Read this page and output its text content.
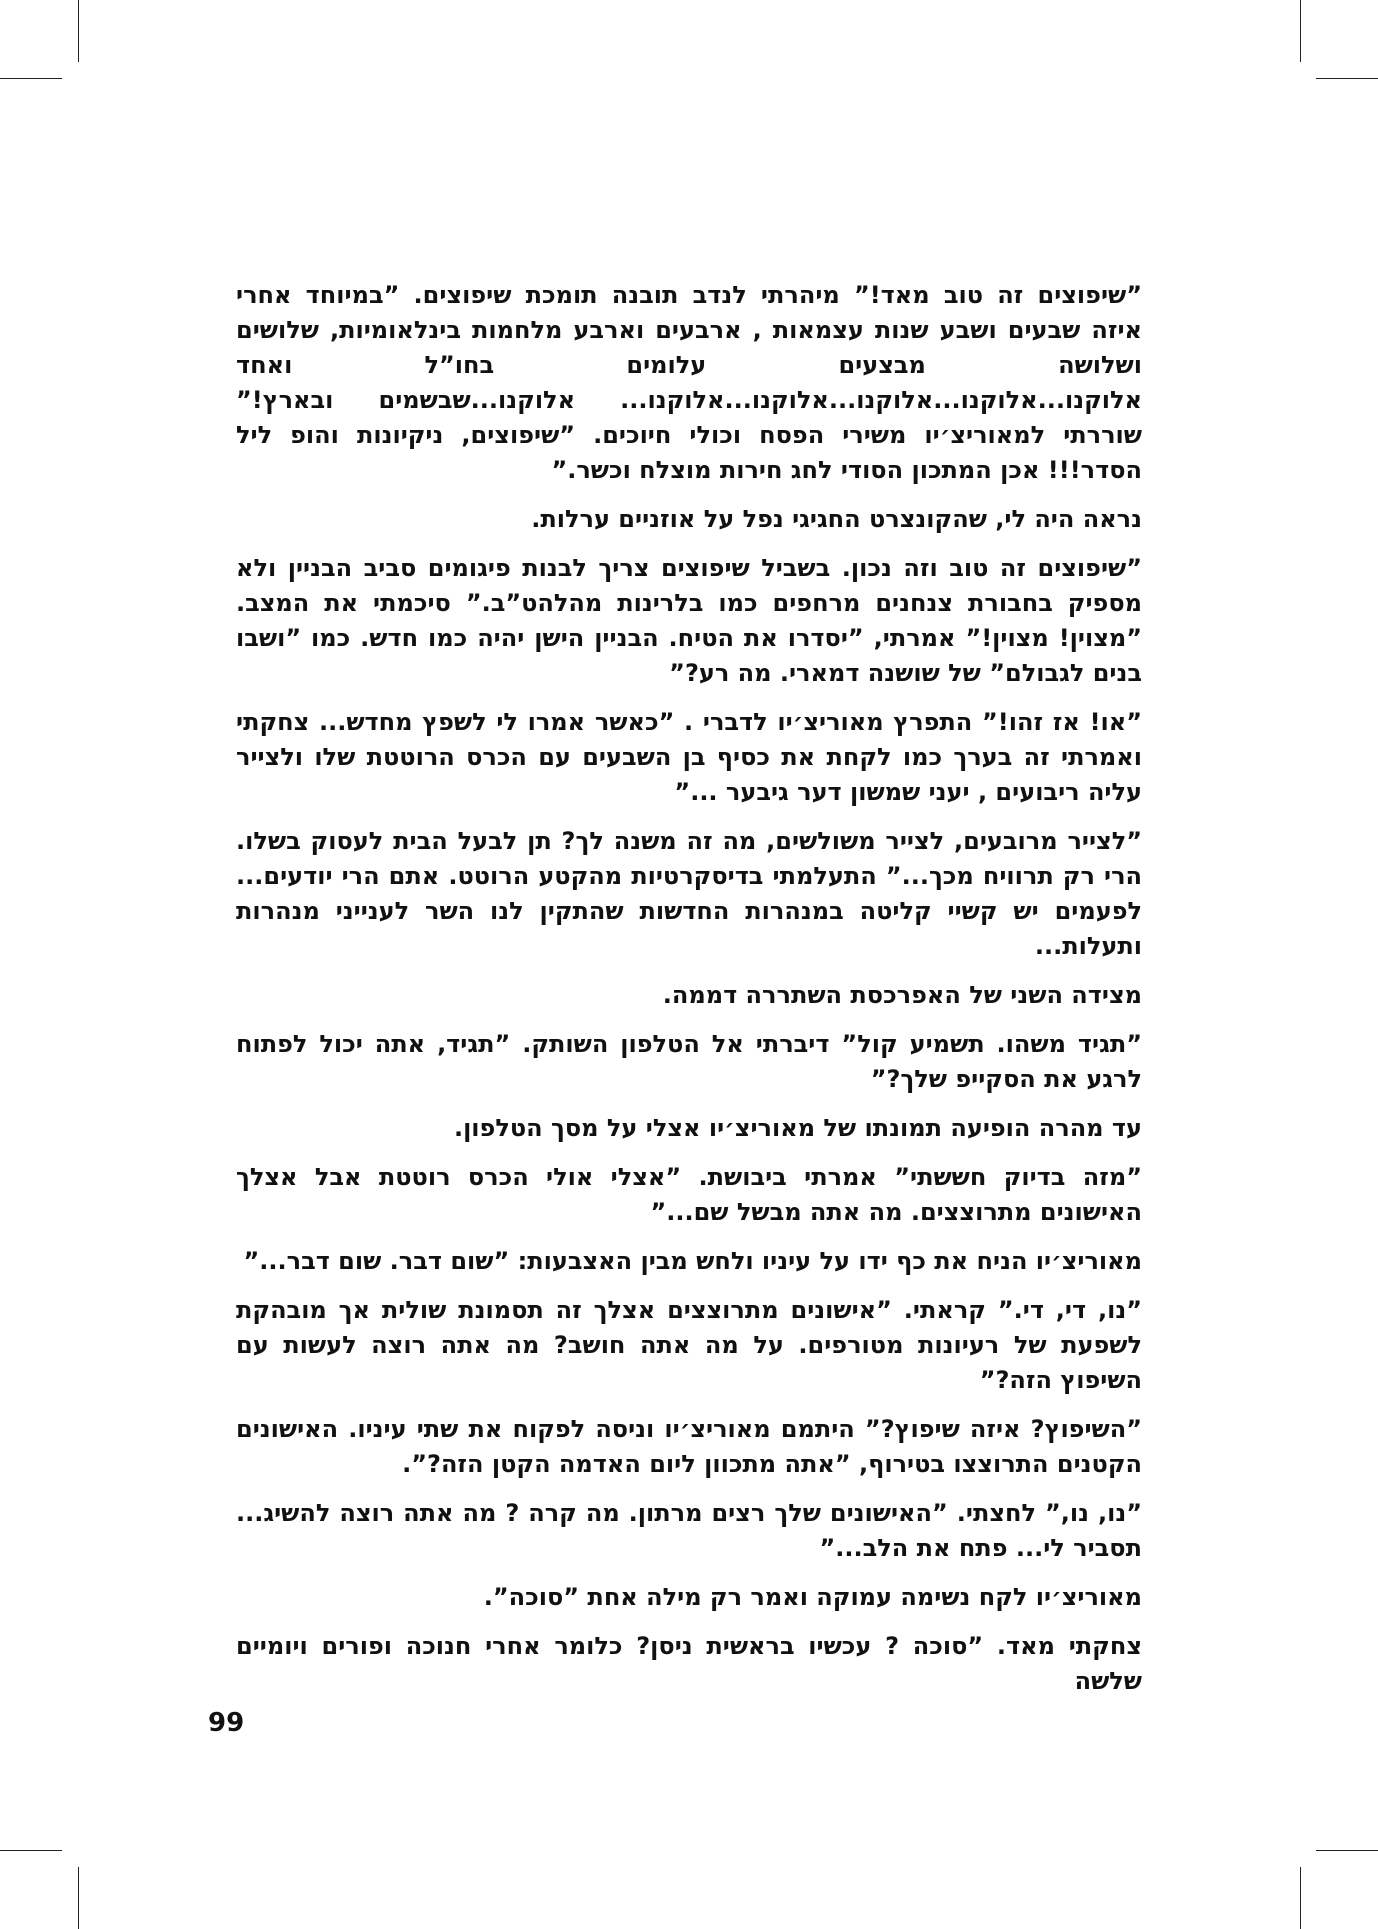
”שיפוצים זה טוב מאד!” מיהרתי לנדב תובנה תומכת שיפוצים. ”במיוחד אחרי איזה שבעים ושבע שנות עצמאות , ארבעים וארבע מלחמות בינלאומיות, שלושים ושלושה מבצעים עלומים בחו”ל ואחד אלוקנו...אלוקנו...אלוקנו...אלוקנו...אלוקנו... אלוקנו...שבשמים ובארץ!” שוררתי למאוריצ׳יו משירי הפסח וכולי חיוכים. ”שיפוצים, ניקיונות והופ ליל הסדר!!! אכן המתכון הסודי לחג חירות מוצלח וכשר.”

נראה היה לי, שהקונצרט החגיגי נפל על אוזניים ערלות.

”שיפוצים זה טוב וזה נכון. בשביל שיפוצים צריך לבנות פיגומים סביב הבניין ולא מספיק בחבורת צנחנים מרחפים כמו בלרינות מהלהט”ב.” סיכמתי את המצב. ”מצוין! מצוין!” אמרתי, ”יסדרו את הטיח. הבניין הישן יהיה כמו חדש. כמו ”ושבו בנים לגבולם” של שושנה דמארי. מה רע?”

”או! אז זהו!” התפרץ מאוריצ׳יו לדברי . ”כאשר אמרו לי לשפץ מחדש... צחקתי ואמרתי זה בערך כמו לקחת את כסיף בן השבעים עם הכרס הרוטטת שלו ולצייר עליה ריבועים , יעני שמשון דער גיבער ...”

”לצייר מרובעים, לצייר משולשים, מה זה משנה לך? תן לבעל הבית לעסוק בשלו. הרי רק תרוויח מכך...” התעלמתי בדיסקרטיות מהקטע הרוטט. אתם הרי יודעים... לפעמים יש קשיי קליטה במנהרות החדשות שהתקין לנו השר לענייני מנהרות ותעלות...

מצידה השני של האפרכסת השתררה דממה.

”תגיד משהו. תשמיע קול” דיברתי אל הטלפון השותק. ”תגיד, אתה יכול לפתוח לרגע את הסקייפ שלך?”

עד מהרה הופיעה תמונתו של מאוריצ׳יו אצלי על מסך הטלפון.

”מזה בדיוק חששתי” אמרתי ביבושת. ”אצלי אולי הכרס רוטטת אבל אצלך האישונים מתרוצצים. מה אתה מבשל שם...”

מאוריצ׳יו הניח את כף ידו על עיניו ולחש מבין האצבעות: ”שום דבר. שום דבר...”

”נו, די, די.” קראתי. ”אישונים מתרוצצים אצלך זה תסמונת שולית אך מובהקת לשפעת של רעיונות מטורפים. על מה אתה חושב? מה אתה רוצה לעשות עם השיפוץ הזה?”

”השיפוץ? איזה שיפוץ?” היתמם מאוריצ׳יו וניסה לפקוח את שתי עיניו. האישונים הקטנים התרוצצו בטירוף, ”אתה מתכוון ליום האדמה הקטן הזה?”.

”נו, נו,” לחצתי. ”האישונים שלך רצים מרתון. מה קרה ? מה אתה רוצה להשיג... תסביר לי... פתח את הלב...”

מאוריצ׳יו לקח נשימה עמוקה ואמר רק מילה אחת ”סוכה”.

צחקתי מאד. ”סוכה ? עכשיו בראשית ניסן? כלומר אחרי חנוכה ופורים ויומיים שלשה

99
